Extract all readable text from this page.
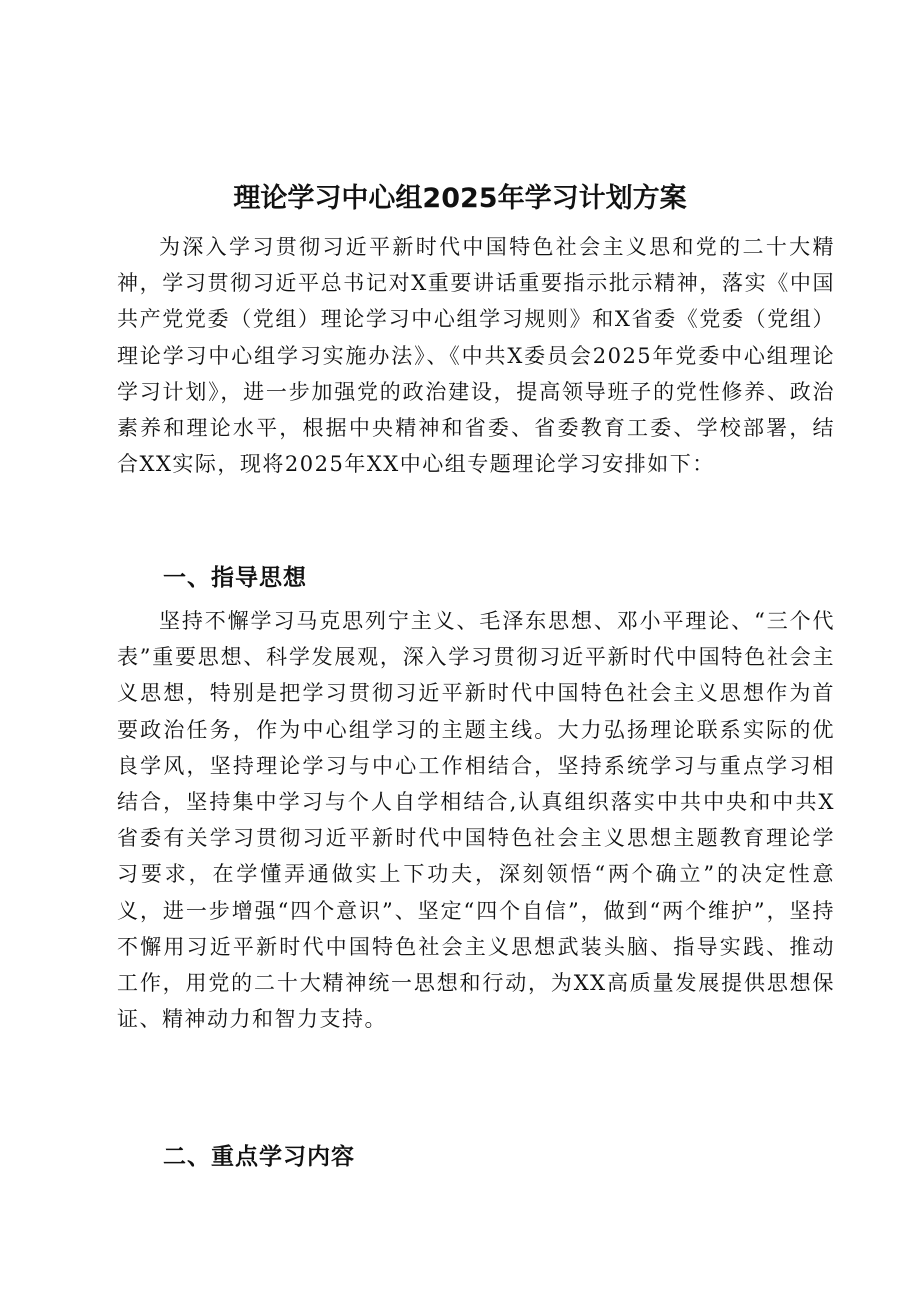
理论学习中心组2025年学习计划方案

为深入学习贯彻习近平新时代中国特色社会主义思和党的二十大精神，学习贯彻习近平总书记对X重要讲话重要指示批示精神，落实《中国共产党党委（党组）理论学习中心组学习规则》和X省委《党委（党组）理论学习中心组学习实施办法》、《中共X委员会2025年党委中心组理论学习计划》，进一步加强党的政治建设，提高领导班子的党性修养、政治素养和理论水平，根据中央精神和省委、省委教育工委、学校部署，结合XX实际，现将2025年XX中心组专题理论学习安排如下：

一、指导思想

坚持不懈学习马克思列宁主义、毛泽东思想、邓小平理论、“三个代表”重要思想、科学发展观，深入学习贯彻习近平新时代中国特色社会主义思想，特别是把学习贯彻习近平新时代中国特色社会主义思想作为首要政治任务，作为中心组学习的主题主线。大力弘扬理论联系实际的优良学风，坚持理论学习与中心工作相结合，坚持系统学习与重点学习相结合，坚持集中学习与个人自学相结合,认真组织落实中共中央和中共X省委有关学习贯彻习近平新时代中国特色社会主义思想主题教育理论学习要求，在学懂弄通做实上下功夫，深刻领悟“两个确立”的决定性意义，进一步增强“四个意识”、坚定“四个自信”，做到“两个维护”，坚持不懈用习近平新时代中国特色社会主义思想武装头脑、指导实践、推动工作，用党的二十大精神统一思想和行动，为XX高质量发展提供思想保证、精神动力和智力支持。

二、重点学习内容
